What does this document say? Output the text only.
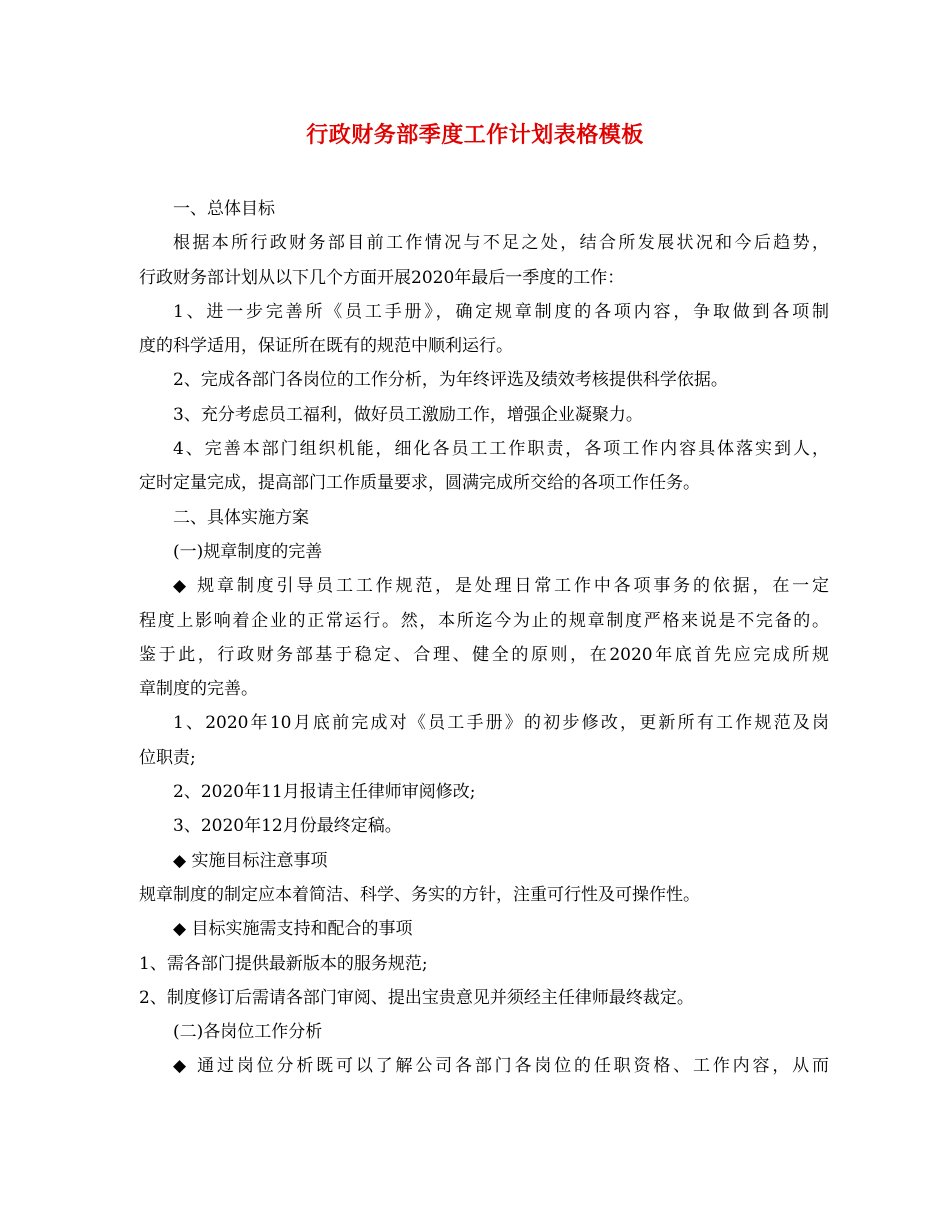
行政财务部季度工作计划表格模板
一、总体目标
根据本所行政财务部目前工作情况与不足之处，结合所发展状况和今后趋势，
行政财务部计划从以下几个方面开展2020年最后一季度的工作：
1、进一步完善所《员工手册》，确定规章制度的各项内容，争取做到各项制
度的科学适用，保证所在既有的规范中顺利运行。
2、完成各部门各岗位的工作分析，为年终评选及绩效考核提供科学依据。
3、充分考虑员工福利，做好员工激励工作，增强企业凝聚力。
4、完善本部门组织机能，细化各员工工作职责，各项工作内容具体落实到人，
定时定量完成，提高部门工作质量要求，圆满完成所交给的各项工作任务。
二、具体实施方案
(一)规章制度的完善
◆ 规章制度引导员工工作规范，是处理日常工作中各项事务的依据，在一定
程度上影响着企业的正常运行。然，本所迄今为止的规章制度严格来说是不完备的。
鉴于此，行政财务部基于稳定、合理、健全的原则，在2020年底首先应完成所规
章制度的完善。
1、2020年10月底前完成对《员工手册》的初步修改，更新所有工作规范及岗
位职责;
2、2020年11月报请主任律师审阅修改;
3、2020年12月份最终定稿。
◆ 实施目标注意事项
规章制度的制定应本着简洁、科学、务实的方针，注重可行性及可操作性。
◆ 目标实施需支持和配合的事项
1、需各部门提供最新版本的服务规范;
2、制度修订后需请各部门审阅、提出宝贵意见并须经主任律师最终裁定。
(二)各岗位工作分析
◆ 通过岗位分析既可以了解公司各部门各岗位的任职资格、工作内容，从而
